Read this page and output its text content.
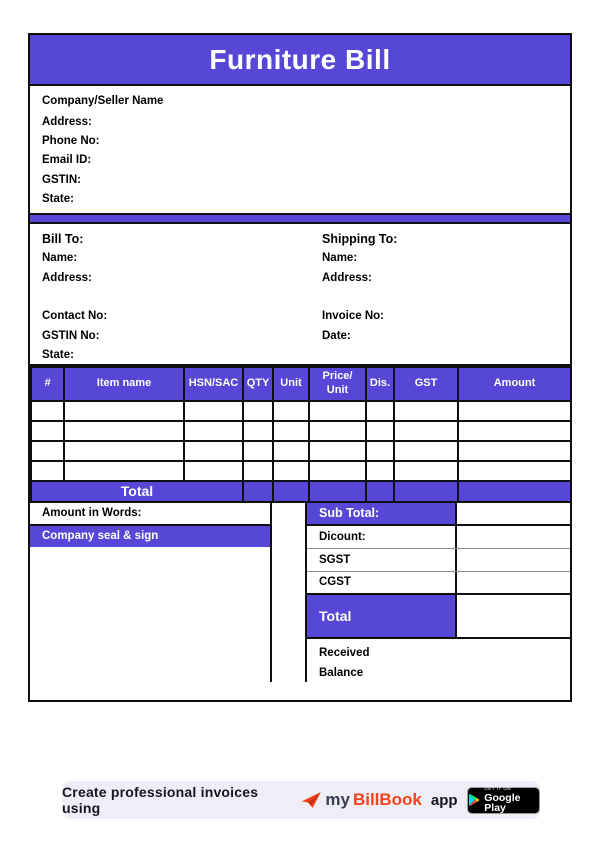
Furniture Bill
Company/Seller Name
Address:
Phone No:
Email ID:
GSTIN:
State:
Bill To:
Name:
Address:
Contact No:
GSTIN No:
State:
Shipping To:
Name:
Address:
Invoice No:
Date:
#	Item name	HSN/SAC	QTY	Unit	Price/ Unit	Dis.	GST	Amount

Total								
Amount in Words:
Company seal & sign
Sub Total:
Dicount:
SGST
CGST
Total
Received
Balance
Create professional invoices using	my BillBook app
GET IT ON
Google Play
